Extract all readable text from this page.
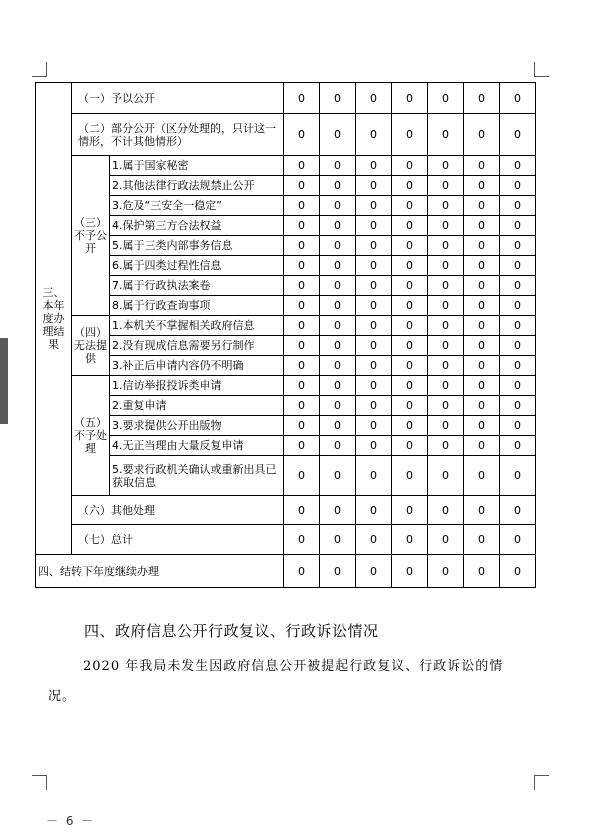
三、本年度办理结果	（一）予以公开		0	0	0	0	0	0	0
	（二）部分公开（区分处理的，只计这一情形，不计其他情形）		0	0	0	0	0	0	0
	（三）不予公开	1.属于国家秘密	0	0	0	0	0	0	0
		2.其他法律行政法规禁止公开	0	0	0	0	0	0	0
		3.危及“三安全一稳定”	0	0	0	0	0	0	0
		4.保护第三方合法权益	0	0	0	0	0	0	0
		5.属于三类内部事务信息	0	0	0	0	0	0	0
		6.属于四类过程性信息	0	0	0	0	0	0	0
		7.属于行政执法案卷	0	0	0	0	0	0	0
		8.属于行政查询事项	0	0	0	0	0	0	0
	（四）无法提供	1.本机关不掌握相关政府信息	0	0	0	0	0	0	0
		2.没有现成信息需要另行制作	0	0	0	0	0	0	0
		3.补正后申请内容仍不明确	0	0	0	0	0	0	0
	（五）不予处理	1.信访举报投诉类申请	0	0	0	0	0	0	0
		2.重复申请	0	0	0	0	0	0	0
		3.要求提供公开出版物	0	0	0	0	0	0	0
		4.无正当理由大量反复申请	0	0	0	0	0	0	0
		5.要求行政机关确认或重新出具已获取信息	0	0	0	0	0	0	0
	（六）其他处理		0	0	0	0	0	0	0
	（七）总计		0	0	0	0	0	0	0
四、结转下年度继续办理			0	0	0	0	0	0	0
四、政府信息公开行政复议、行政诉讼情况
2020 年我局未发生因政府信息公开被提起行政复议、行政诉讼的情况。
－ 6 －
